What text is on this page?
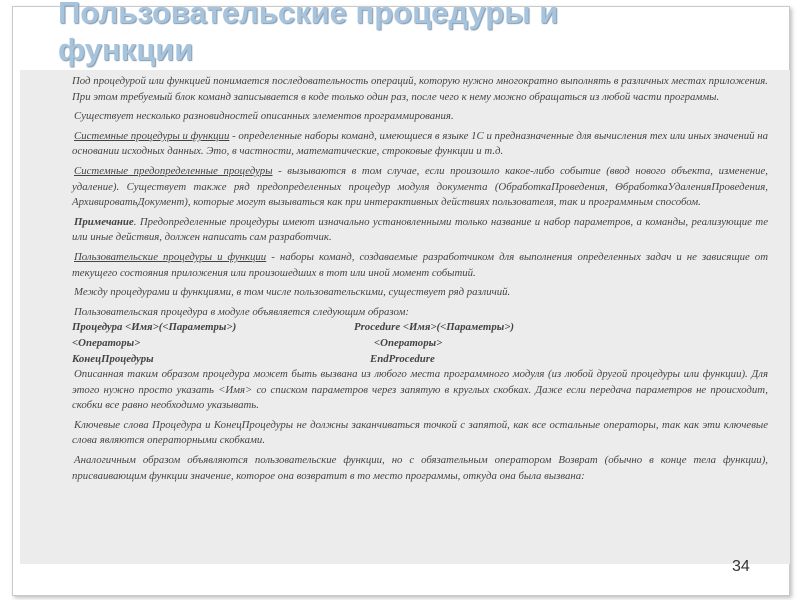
Пользовательские процедуры и
функции

Под процедурой или функцией понимается последовательность операций, которую нужно многократно выполнять в различных местах приложения. При этом требуемый блок команд записывается в коде только один раз, после чего к нему можно обращаться из любой части программы.

Существует несколько разновидностей описанных элементов программирования.

Системные процедуры и функции - определенные наборы команд, имеющиеся в языке 1С и предназначенные для вычисления тех или иных значений на основании исходных данных. Это, в частности, математические, строковые функции и т.д.

Системные предопределенные процедуры - вызываются в том случае, если произошло какое-либо событие (ввод нового объекта, изменение, удаление). Существует также ряд предопределенных процедур модуля документа (ОбработкаПроведения, ΘбработкаУдаленияПроведения, АрхивироватьДокумент), которые могут вызываться как при интерактивных действиях пользователя, так и программным способом.

Примечание. Предопределенные процедуры имеют изначально установленными только название и набор параметров, а команды, реализующие те или иные действия, должен написать сам разработчик.

Пользовательские процедуры и функции - наборы команд, создаваемые разработчиком для выполнения определенных задач и не зависящие от текущего состояния приложения или произошедших в тот или иной момент событий.

Между процедурами и функциями, в том числе пользовательскими, существует ряд различий.

Пользовательская процедура в модуле объявляется следующим образом:

Процедура <Имя>(<Параметры>)	Procedure <Имя>(<Параметры>)
<Операторы>	<Операторы>
КонецПроцедуры	EndProcedure

Описанная таким образом процедура может быть вызвана из любого места программного модуля (из любой другой процедуры или функции). Для этого нужно просто указать <Имя> со списком параметров через запятую в круглых скобках. Даже если передача параметров не происходит, скобки все равно необходимо указывать.

Ключевые слова Процедура и КонецПроцедуры не должны заканчиваться точкой с запятой, как все остальные операторы, так как эти ключевые слова являются операторными скобками.

Аналогичным образом объявляются пользовательские функции, но с обязательным оператором Возврат (обычно в конце тела функции), присваивающим функции значение, которое она возвратит в то место программы, откуда она была вызвана:

34
